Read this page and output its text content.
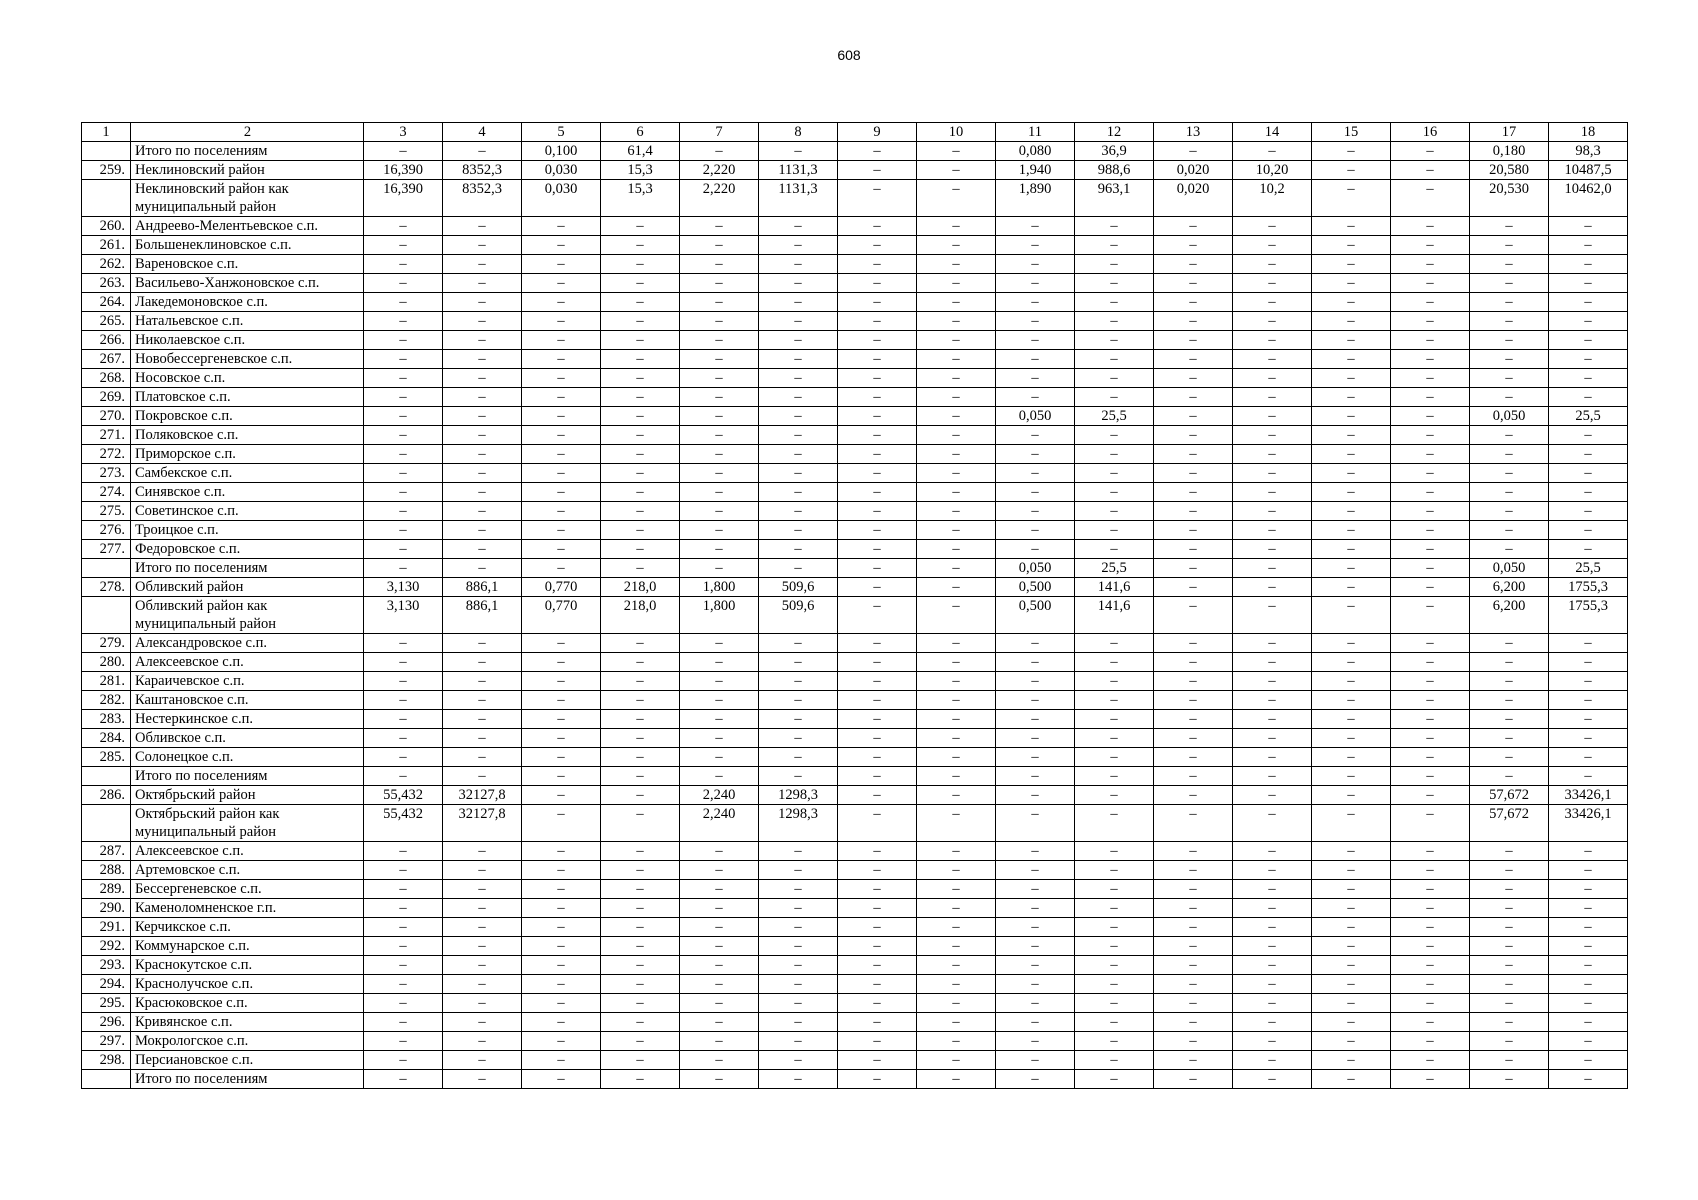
608
1	2	3	4	5	6	7	8	9	10	11	12	13	14	15	16	17	18
	Итого по поселениям	–	–	0,100	61,4	–	–	–	–	0,080	36,9	–	–	–	–	0,180	98,3
259.	Неклиновский район	16,390	8352,3	0,030	15,3	2,220	1131,3	–	–	1,940	988,6	0,020	10,20	–	–	20,580	10487,5
	Неклиновский район как муниципальный район	16,390	8352,3	0,030	15,3	2,220	1131,3	–	–	1,890	963,1	0,020	10,2	–	–	20,530	10462,0
260.	Андреево-Мелентьевское с.п.	–	–	–	–	–	–	–	–	–	–	–	–	–	–	–	–
261.	Большенеклиновское с.п.	–	–	–	–	–	–	–	–	–	–	–	–	–	–	–	–
262.	Вареновское с.п.	–	–	–	–	–	–	–	–	–	–	–	–	–	–	–	–
263.	Васильево-Ханжоновское с.п.	–	–	–	–	–	–	–	–	–	–	–	–	–	–	–	–
264.	Лакедемоновское с.п.	–	–	–	–	–	–	–	–	–	–	–	–	–	–	–	–
265.	Натальевское с.п.	–	–	–	–	–	–	–	–	–	–	–	–	–	–	–	–
266.	Николаевское с.п.	–	–	–	–	–	–	–	–	–	–	–	–	–	–	–	–
267.	Новобессергеневское с.п.	–	–	–	–	–	–	–	–	–	–	–	–	–	–	–	–
268.	Носовское с.п.	–	–	–	–	–	–	–	–	–	–	–	–	–	–	–	–
269.	Платовское с.п.	–	–	–	–	–	–	–	–	–	–	–	–	–	–	–	–
270.	Покровское с.п.	–	–	–	–	–	–	–	–	0,050	25,5	–	–	–	–	0,050	25,5
271.	Поляковское с.п.	–	–	–	–	–	–	–	–	–	–	–	–	–	–	–	–
272.	Приморское с.п.	–	–	–	–	–	–	–	–	–	–	–	–	–	–	–	–
273.	Самбекское с.п.	–	–	–	–	–	–	–	–	–	–	–	–	–	–	–	–
274.	Синявское с.п.	–	–	–	–	–	–	–	–	–	–	–	–	–	–	–	–
275.	Советинское с.п.	–	–	–	–	–	–	–	–	–	–	–	–	–	–	–	–
276.	Троицкое с.п.	–	–	–	–	–	–	–	–	–	–	–	–	–	–	–	–
277.	Федоровское с.п.	–	–	–	–	–	–	–	–	–	–	–	–	–	–	–	–
	Итого по поселениям	–	–	–	–	–	–	–	–	0,050	25,5	–	–	–	–	0,050	25,5
278.	Обливский район	3,130	886,1	0,770	218,0	1,800	509,6	–	–	0,500	141,6	–	–	–	–	6,200	1755,3
	Обливский район как муниципальный район	3,130	886,1	0,770	218,0	1,800	509,6	–	–	0,500	141,6	–	–	–	–	6,200	1755,3
279.	Александровское с.п.	–	–	–	–	–	–	–	–	–	–	–	–	–	–	–	–
280.	Алексеевское с.п.	–	–	–	–	–	–	–	–	–	–	–	–	–	–	–	–
281.	Караичевское с.п.	–	–	–	–	–	–	–	–	–	–	–	–	–	–	–	–
282.	Каштановское с.п.	–	–	–	–	–	–	–	–	–	–	–	–	–	–	–	–
283.	Нестеркинское с.п.	–	–	–	–	–	–	–	–	–	–	–	–	–	–	–	–
284.	Обливское с.п.	–	–	–	–	–	–	–	–	–	–	–	–	–	–	–	–
285.	Солонецкое с.п.	–	–	–	–	–	–	–	–	–	–	–	–	–	–	–	–
	Итого по поселениям	–	–	–	–	–	–	–	–	–	–	–	–	–	–	–	–
286.	Октябрьский район	55,432	32127,8	–	–	2,240	1298,3	–	–	–	–	–	–	–	–	57,672	33426,1
	Октябрьский район как муниципальный район	55,432	32127,8	–	–	2,240	1298,3	–	–	–	–	–	–	–	–	57,672	33426,1
287.	Алексеевское с.п.	–	–	–	–	–	–	–	–	–	–	–	–	–	–	–	–
288.	Артемовское с.п.	–	–	–	–	–	–	–	–	–	–	–	–	–	–	–	–
289.	Бессергеневское с.п.	–	–	–	–	–	–	–	–	–	–	–	–	–	–	–	–
290.	Каменоломненское г.п.	–	–	–	–	–	–	–	–	–	–	–	–	–	–	–	–
291.	Керчикское с.п.	–	–	–	–	–	–	–	–	–	–	–	–	–	–	–	–
292.	Коммунарское с.п.	–	–	–	–	–	–	–	–	–	–	–	–	–	–	–	–
293.	Краснокутское с.п.	–	–	–	–	–	–	–	–	–	–	–	–	–	–	–	–
294.	Краснолучское с.п.	–	–	–	–	–	–	–	–	–	–	–	–	–	–	–	–
295.	Красюковское с.п.	–	–	–	–	–	–	–	–	–	–	–	–	–	–	–	–
296.	Кривянское с.п.	–	–	–	–	–	–	–	–	–	–	–	–	–	–	–	–
297.	Мокрологское с.п.	–	–	–	–	–	–	–	–	–	–	–	–	–	–	–	–
298.	Персиановское с.п.	–	–	–	–	–	–	–	–	–	–	–	–	–	–	–	–
	Итого по поселениям	–	–	–	–	–	–	–	–	–	–	–	–	–	–	–	–
